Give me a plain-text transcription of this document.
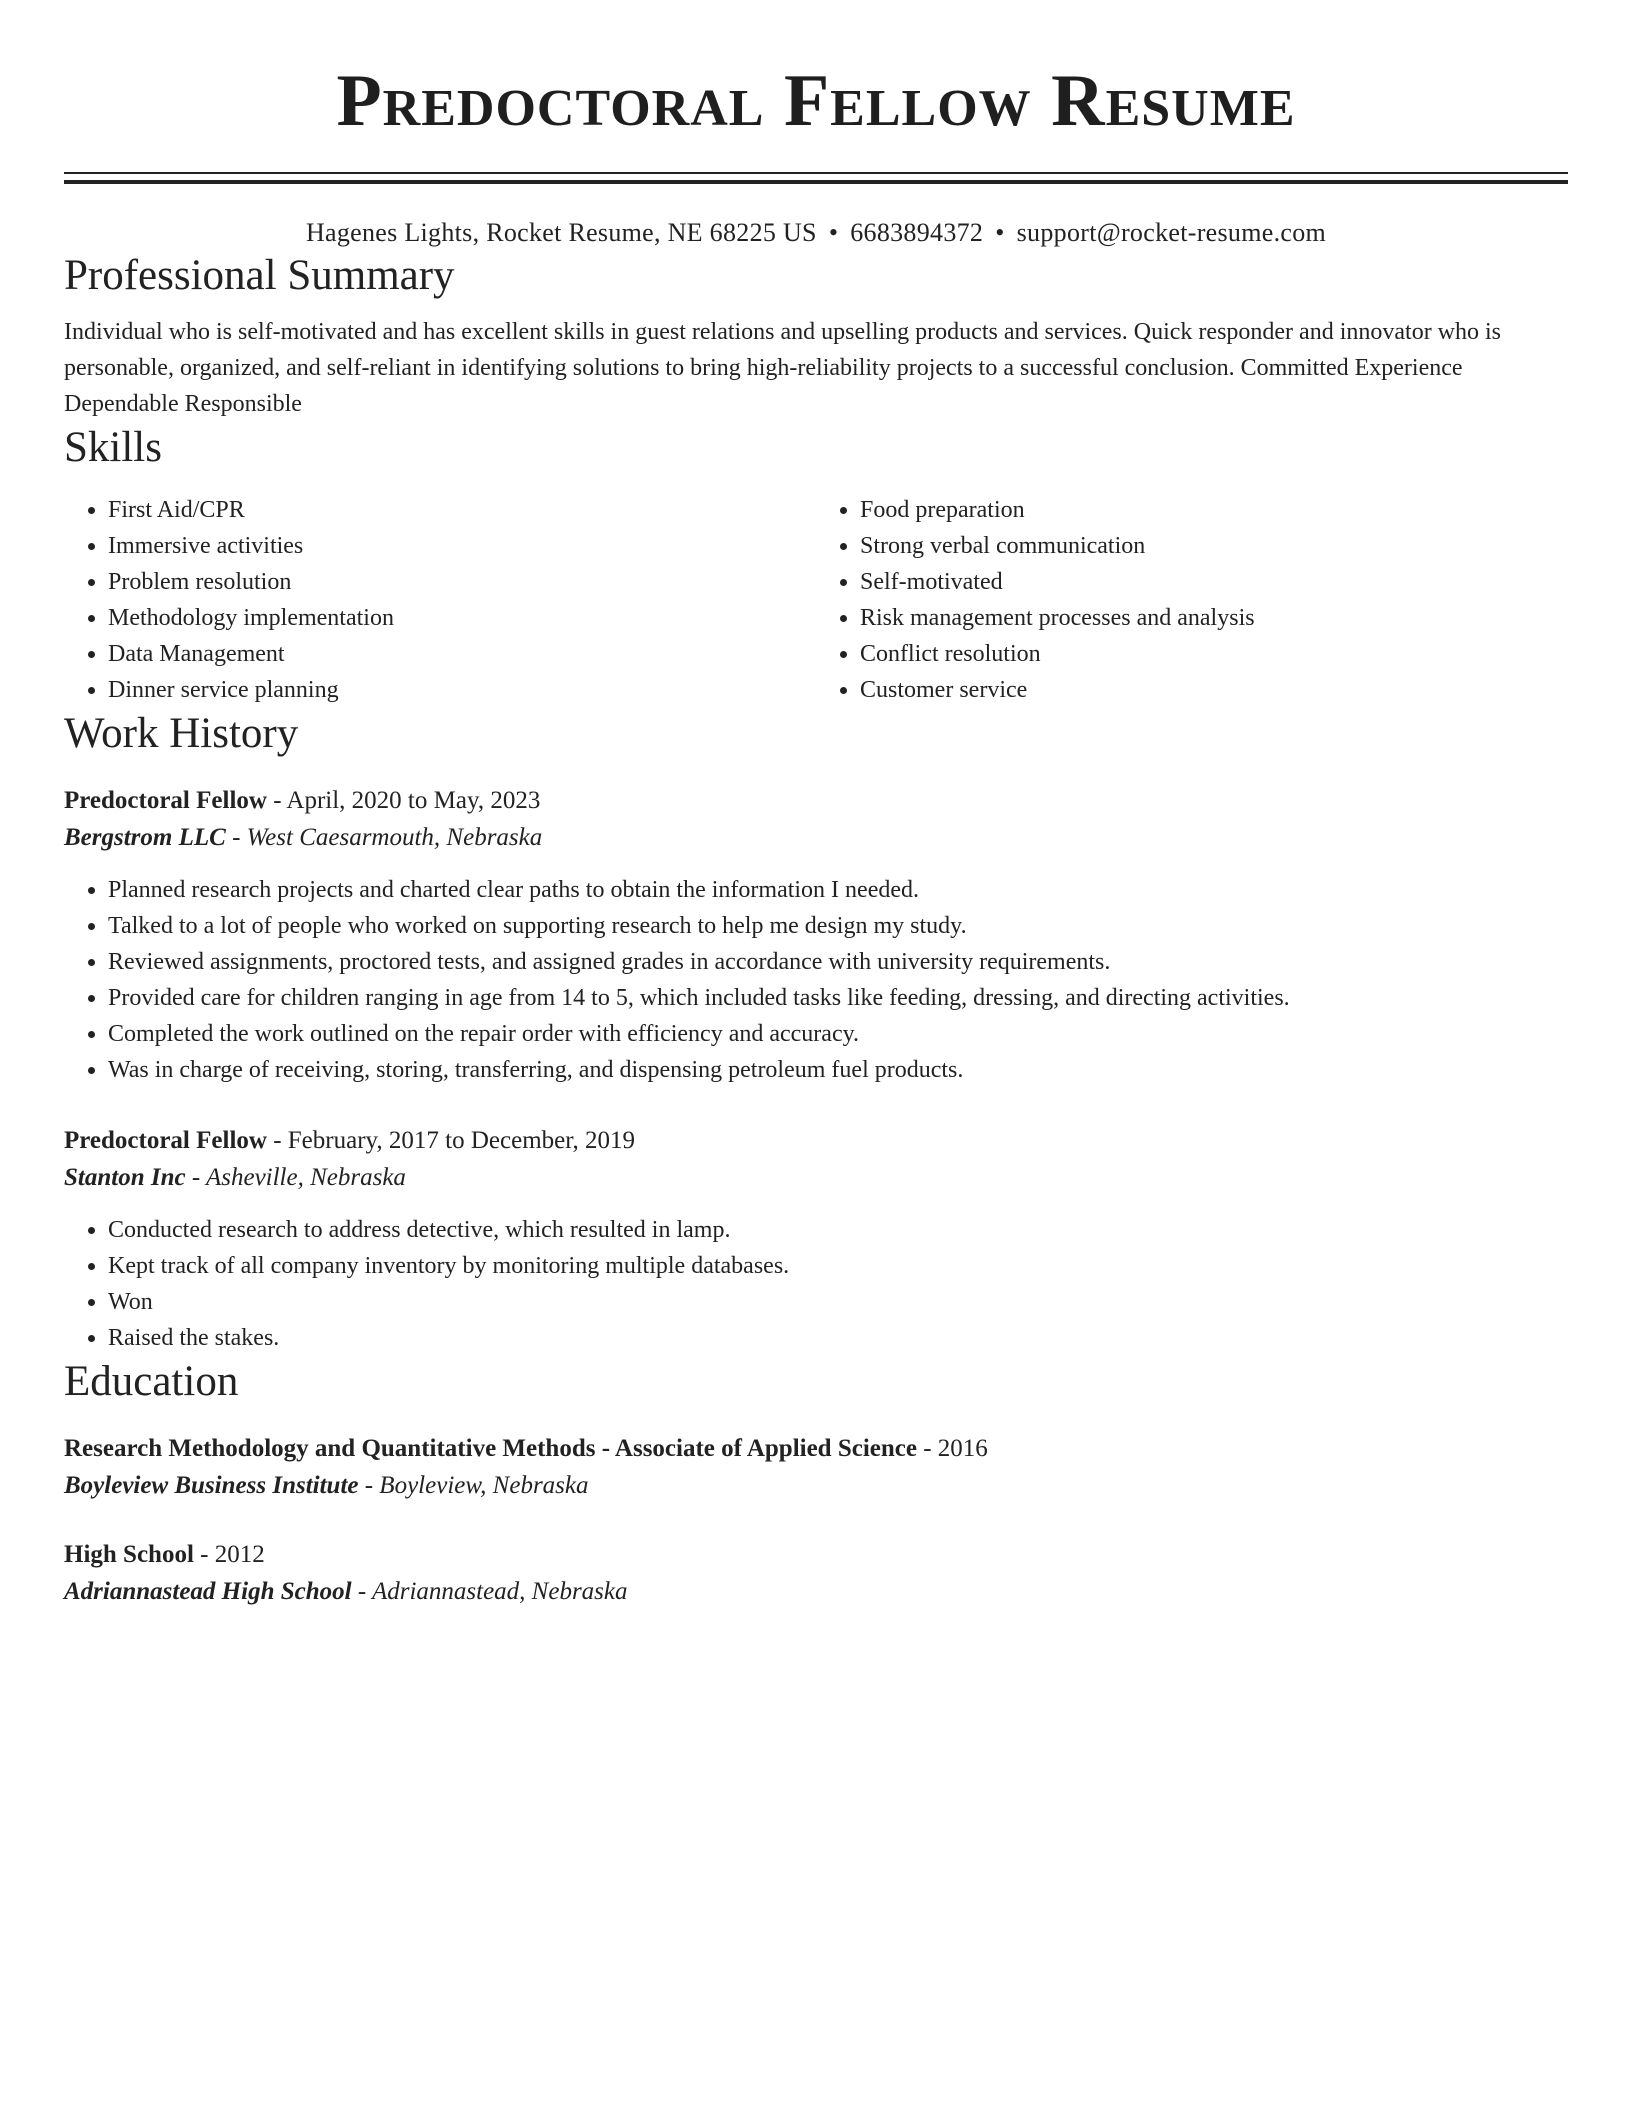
Predoctoral Fellow Resume
Hagenes Lights, Rocket Resume, NE 68225 US • 6683894372 • support@rocket-resume.com
Professional Summary
Individual who is self-motivated and has excellent skills in guest relations and upselling products and services. Quick responder and innovator who is personable, organized, and self-reliant in identifying solutions to bring high-reliability projects to a successful conclusion. Committed Experience Dependable Responsible
Skills
• First Aid/CPR
• Immersive activities
• Problem resolution
• Methodology implementation
• Data Management
• Dinner service planning
• Food preparation
• Strong verbal communication
• Self-motivated
• Risk management processes and analysis
• Conflict resolution
• Customer service
Work History
Predoctoral Fellow - April, 2020 to May, 2023
Bergstrom LLC - West Caesarmouth, Nebraska
• Planned research projects and charted clear paths to obtain the information I needed.
• Talked to a lot of people who worked on supporting research to help me design my study.
• Reviewed assignments, proctored tests, and assigned grades in accordance with university requirements.
• Provided care for children ranging in age from 14 to 5, which included tasks like feeding, dressing, and directing activities.
• Completed the work outlined on the repair order with efficiency and accuracy.
• Was in charge of receiving, storing, transferring, and dispensing petroleum fuel products.
Predoctoral Fellow - February, 2017 to December, 2019
Stanton Inc - Asheville, Nebraska
• Conducted research to address detective, which resulted in lamp.
• Kept track of all company inventory by monitoring multiple databases.
• Won
• Raised the stakes.
Education
Research Methodology and Quantitative Methods - Associate of Applied Science - 2016
Boyleview Business Institute - Boyleview, Nebraska
High School - 2012
Adriannastead High School - Adriannastead, Nebraska
